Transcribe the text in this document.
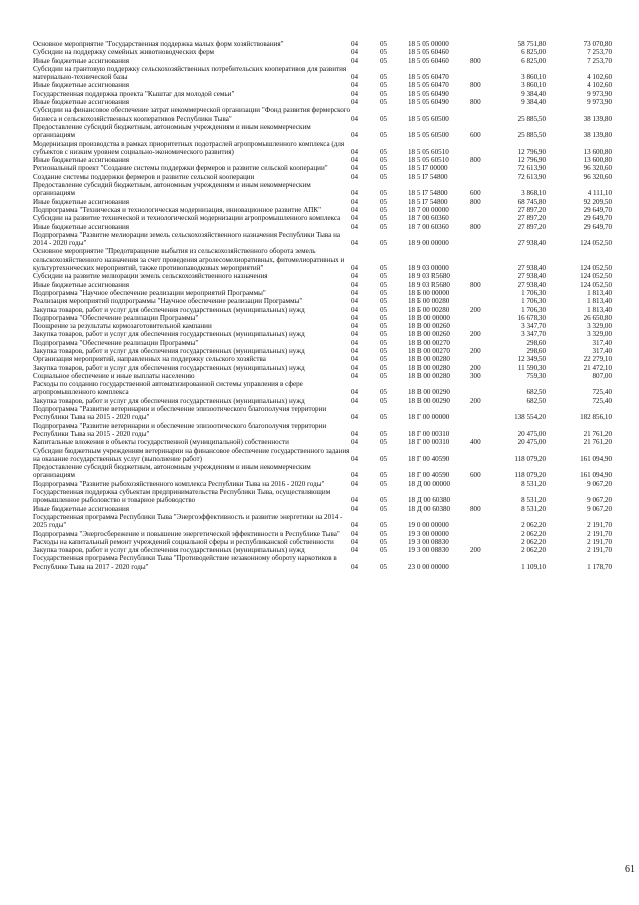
Основное мероприятие "Государственная поддержка малых форм хозяйствования"	04	05	18 5 05 00000		58 751,80	73 070,80
Субсидии на поддержку семейных животноводческих ферм	04	05	18 5 05 60460		6 825,00	7 253,70
Иные бюджетные ассигнования	04	05	18 5 05 60460	800	6 825,00	7 253,70
Субсидии на грантовую поддержку сельскохозяйственных потребительских кооперативов для развития материально-технической базы	04	05	18 5 05 60470		3 860,10	4 102,60
Иные бюджетные ассигнования	04	05	18 5 05 60470	800	3 860,10	4 102,60
Государственная поддержка проекта "Кыштаг для молодой семьи"	04	05	18 5 05 60490		9 384,40	9 973,90
Иные бюджетные ассигнования	04	05	18 5 05 60490	800	9 384,40	9 973,90
Субсидии на финансовое обеспечение затрат некоммерческой организации "Фонд развития фермерского бизнеса и сельскохозяйственных кооперативов Республики Тыва"	04	05	18 5 05 60500		25 885,50	38 139,80
Предоставление субсидий бюджетным, автономным учреждениям и иным некоммерческим организациям	04	05	18 5 05 60500	600	25 885,50	38 139,80
Модернизация производства в рамках приоритетных подотраслей агропромышленного комплекса (для субъектов с низким уровнем социально-экономического развития)	04	05	18 5 05 60510		12 796,90	13 600,80
Иные бюджетные ассигнования	04	05	18 5 05 60510	800	12 796,90	13 600,80
Региональный проект "Создание системы поддержки фермеров и развитие сельской кооперации"	04	05	18 5 I7 00000		72 613,90	96 320,60
Создание системы поддержки фермеров и развитие сельской кооперации	04	05	18 5 I7 54800		72 613,90	96 320,60
Предоставление субсидий бюджетным, автономным учреждениям и иным некоммерческим организациям	04	05	18 5 I7 54800	600	3 868,10	4 111,10
Иные бюджетные ассигнования	04	05	18 5 I7 54800	800	68 745,80	92 209,50
Подпрограмма "Техническая и технологическая модернизация, инновационное развитие АПК"	04	05	18 7 00 00000		27 897,20	29 649,70
Субсидии на развитие технической и технологической модернизации агропромышленного комплекса	04	05	18 7 00 60360		27 897,20	29 649,70
Иные бюджетные ассигнования	04	05	18 7 00 60360	800	27 897,20	29 649,70
Подпрограмма "Развитие мелиорации земель сельскохозяйственного назначения Республики Тыва на 2014 - 2020 годы"	04	05	18 9 00 00000		27 938,40	124 052,50
Основное мероприятие "Предотвращение выбытия из сельскохозяйственного оборота земель сельскохозяйственного назначения за счет проведения агролесомелиоративных, фитомелиоративных и культуртехнических мероприятий, также противопаводковых мероприятий"	04	05	18 9 03 00000		27 938,40	124 052,50
Субсидии на развитие мелиорации земель сельскохозяйственного назначения	04	05	18 9 03 R5680		27 938,40	124 052,50
Иные бюджетные ассигнования	04	05	18 9 03 R5680	800	27 938,40	124 052,50
Подпрограмма "Научное обеспечение реализации мероприятий Программы"	04	05	18 Б 00 00000		1 706,30	1 813,40
Реализация мероприятий подпрограммы "Научное обеспечение реализации Программы"	04	05	18 Б 00 00280		1 706,30	1 813,40
Закупка товаров, работ и услуг для обеспечения государственных (муниципальных) нужд	04	05	18 Б 00 00280	200	1 706,30	1 813,40
Подпрограмма "Обеспечение реализации Программы"	04	05	18 В 00 00000		16 678,30	26 650,80
Поощрение за результаты кормозаготовительной кампании	04	05	18 В 00 00260		3 347,70	3 329,00
Закупка товаров, работ и услуг для обеспечения государственных (муниципальных) нужд	04	05	18 В 00 00260	200	3 347,70	3 329,00
Подпрограмма "Обеспечение реализации Программы"	04	05	18 В 00 00270		298,60	317,40
Закупка товаров, работ и услуг для обеспечения государственных (муниципальных) нужд	04	05	18 В 00 00270	200	298,60	317,40
Организация мероприятий, направленных на поддержку сельского хозяйства	04	05	18 В 00 00280		12 349,50	22 279,10
Закупка товаров, работ и услуг для обеспечения государственных (муниципальных) нужд	04	05	18 В 00 00280	200	11 590,30	21 472,10
Социальное обеспечение и иные выплаты населению	04	05	18 В 00 00280	300	759,30	807,00
Расходы по созданию государственной автоматизированной системы управления в сфере агропромышленного комплекса	04	05	18 В 00 00290		682,50	725,40
Закупка товаров, работ и услуг для обеспечения государственных (муниципальных) нужд	04	05	18 В 00 00290	200	682,50	725,40
Подпрограмма "Развитие ветеринарии и обеспечение эпизоотического благополучия территории Республики Тыва на 2015 - 2020 годы"	04	05	18 Г 00 00000		138 554,20	182 856,10
Подпрограмма "Развитие ветеринарии и обеспечение эпизоотического благополучия территории Республики Тыва на 2015 - 2020 годы"	04	05	18 Г 00 00310		20 475,00	21 761,20
Капитальные вложения в объекты государственной (муниципальной) собственности	04	05	18 Г 00 00310	400	20 475,00	21 761,20
Субсидии бюджетным учреждениям ветеринарии на финансовое обеспечение государственного задания на оказание государственных услуг (выполнение работ)	04	05	18 Г 00 40590		118 079,20	161 094,90
Предоставление субсидий бюджетным, автономным учреждениям и иным некоммерческим организациям	04	05	18 Г 00 40590	600	118 079,20	161 094,90
Подпрограмма "Развитие рыбохозяйственного комплекса Республики Тыва на 2016 - 2020 годы"	04	05	18 Д 00 00000		8 531,20	9 067,20
Государственная поддержка субъектам предпринимательства Республики Тыва, осуществляющим промышленное рыболовство и товарное рыбоводство	04	05	18 Д 00 60380		8 531,20	9 067,20
Иные бюджетные ассигнования	04	05	18 Д 00 60380	800	8 531,20	9 067,20
Государственная программа Республики Тыва "Энергоэффективность и развитие энергетики на 2014 - 2025 годы"	04	05	19 0 00 00000		2 062,20	2 191,70
Подпрограмма "Энергосбережение и повышение энергетической эффективности в Республике Тыва"	04	05	19 3 00 00000		2 062,20	2 191,70
Расходы на капитальный ремонт учреждений социальной сферы и республиканской собственности	04	05	19 3 00 08830		2 062,20	2 191,70
Закупка товаров, работ и услуг для обеспечения государственных (муниципальных) нужд	04	05	19 3 00 08830	200	2 062,20	2 191,70
Государственная программа Республики Тыва "Противодействие незаконному обороту наркотиков в Республике Тыва на 2017 - 2020 годы"	04	05	23 0 00 00000		1 109,10	1 178,70
61
